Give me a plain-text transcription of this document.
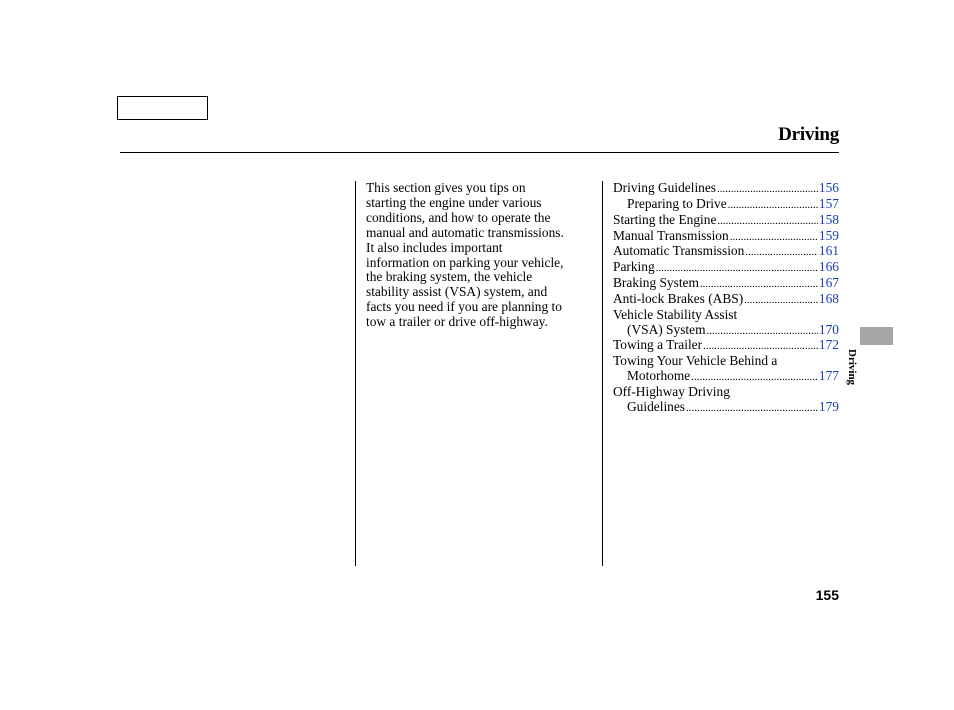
Driving
This section gives you tips on
starting the engine under various
conditions, and how to operate the
manual and automatic transmissions.
It also includes important
information on parking your vehicle,
the braking system, the vehicle
stability assist (VSA) system, and
facts you need if you are planning to
tow a trailer or drive off-highway.
Driving Guidelines .....	156
Preparing to Drive .....	157
Starting the Engine .....	158
Manual Transmission .....	159
Automatic Transmission .....	161
Parking .....	166
Braking System .....	167
Anti-lock Brakes (ABS) .....	168
Vehicle Stability Assist
(VSA) System .....	170
Towing a Trailer .....	172
Towing Your Vehicle Behind a
Motorhome .....	177
Off-Highway Driving
Guidelines .....	179
Driving
155
